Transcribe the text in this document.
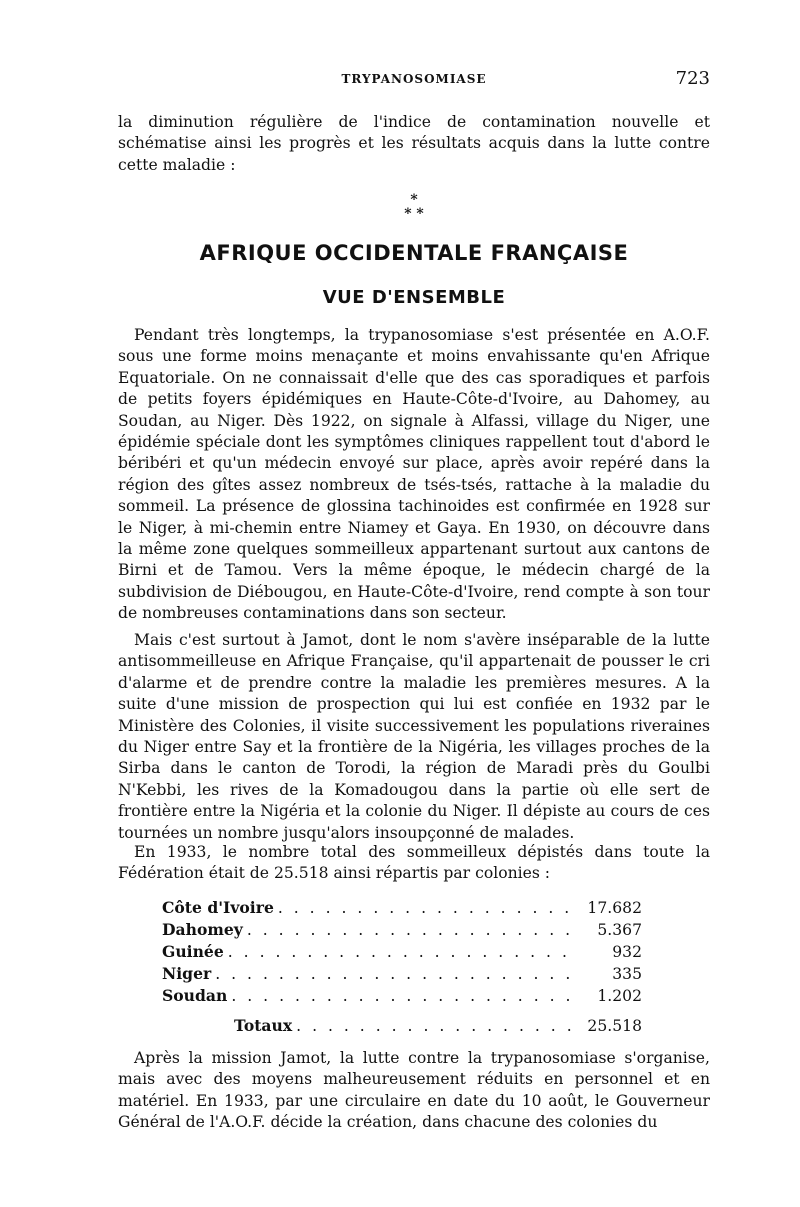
TRYPANOSOMIASE	723
la diminution régulière de l'indice de contamination nouvelle et schématise ainsi les progrès et les résultats acquis dans la lutte contre cette maladie :
*
* *
AFRIQUE OCCIDENTALE FRANÇAISE
VUE D'ENSEMBLE
Pendant très longtemps, la trypanosomiase s'est présentée en A.O.F. sous une forme moins menaçante et moins envahissante qu'en Afrique Equatoriale. On ne connaissait d'elle que des cas sporadiques et parfois de petits foyers épidémiques en Haute-Côte-d'Ivoire, au Dahomey, au Soudan, au Niger. Dès 1922, on signale à Alfassi, village du Niger, une épidémie spéciale dont les symptômes cliniques rappellent tout d'abord le béribéri et qu'un médecin envoyé sur place, après avoir repéré dans la région des gîtes assez nombreux de tsés-tsés, rattache à la maladie du sommeil. La présence de glossina tachinoides est confirmée en 1928 sur le Niger, à mi-chemin entre Niamey et Gaya. En 1930, on découvre dans la même zone quelques sommeilleux appartenant surtout aux cantons de Birni et de Tamou. Vers la même époque, le médecin chargé de la subdivision de Diébougou, en Haute-Côte-d'Ivoire, rend compte à son tour de nombreuses contaminations dans son secteur.
Mais c'est surtout à Jamot, dont le nom s'avère inséparable de la lutte antisommeilleuse en Afrique Française, qu'il appartenait de pousser le cri d'alarme et de prendre contre la maladie les premières mesures. A la suite d'une mission de prospection qui lui est confiée en 1932 par le Ministère des Colonies, il visite successivement les populations riveraines du Niger entre Say et la frontière de la Nigéria, les villages proches de la Sirba dans le canton de Torodi, la région de Maradi près du Goulbi N'Kebbi, les rives de la Komadougou dans la partie où elle sert de frontière entre la Nigéria et la colonie du Niger. Il dépiste au cours de ces tournées un nombre jusqu'alors insoupçonné de malades.
En 1933, le nombre total des sommeilleux dépistés dans toute la Fédération était de 25.518 ainsi répartis par colonies :
Côte d'Ivoire . . .	17.682
Dahomey . . .	5.367
Guinée . . .	932
Niger . . .	335
Soudan . . .	1.202
Totaux . . .	25.518
Après la mission Jamot, la lutte contre la trypanosomiase s'organise, mais avec des moyens malheureusement réduits en personnel et en matériel. En 1933, par une circulaire en date du 10 août, le Gouverneur Général de l'A.O.F. décide la création, dans chacune des colonies du
